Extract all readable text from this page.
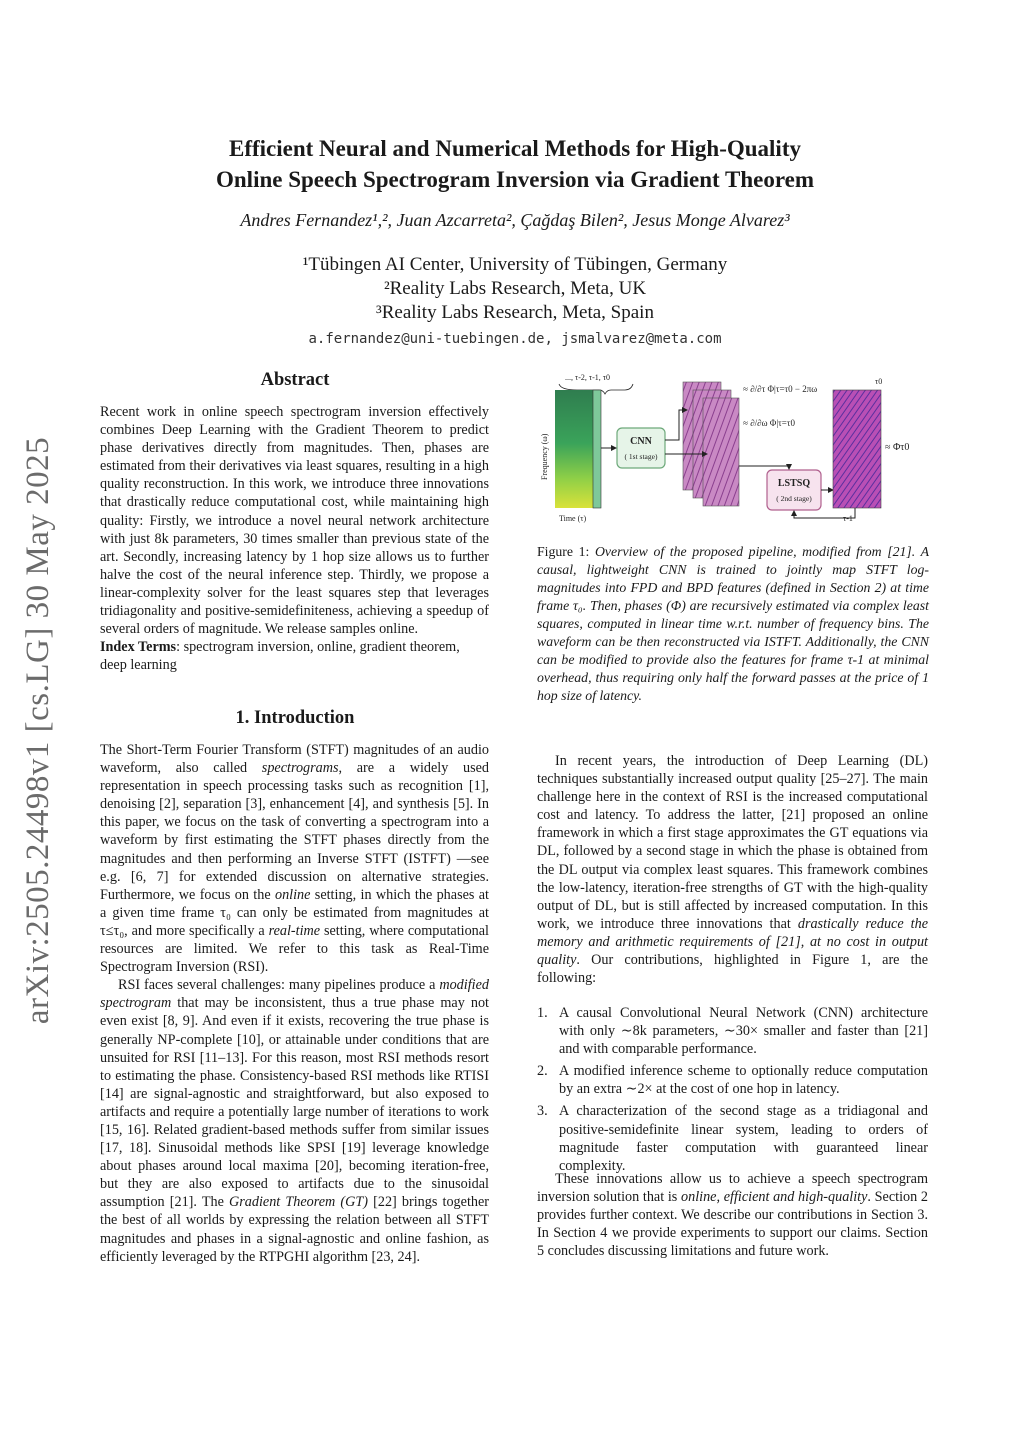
arXiv:2505.24498v1 [cs.LG] 30 May 2025
Efficient Neural and Numerical Methods for High-Quality
Online Speech Spectrogram Inversion via Gradient Theorem
Andres Fernandez¹,², Juan Azcarreta², Çağdaş Bilen², Jesus Monge Alvarez³
¹Tübingen AI Center, University of Tübingen, Germany
²Reality Labs Research, Meta, UK
³Reality Labs Research, Meta, Spain
a.fernandez@uni-tuebingen.de, jsmalvarez@meta.com
Abstract

Recent work in online speech spectrogram inversion effectively combines Deep Learning with the Gradient Theorem to predict phase derivatives directly from magnitudes. Then, phases are estimated from their derivatives via least squares, resulting in a high quality reconstruction. In this work, we introduce three innovations that drastically reduce computational cost, while maintaining high quality: Firstly, we introduce a novel neural network architecture with just 8k parameters, 30 times smaller than previous state of the art. Secondly, increasing latency by 1 hop size allows us to further halve the cost of the neural inference step. Thirdly, we propose a linear-complexity solver for the least squares step that leverages tridiagonality and positive-semidefiniteness, achieving a speedup of several orders of magnitude. We release samples online.

Index Terms: spectrogram inversion, online, gradient theorem, deep learning

1. Introduction

The Short-Term Fourier Transform (STFT) magnitudes of an audio waveform, also called spectrograms, are a widely used representation in speech processing tasks such as recognition [1], denoising [2], separation [3], enhancement [4], and synthesis [5]. In this paper, we focus on the task of converting a spectrogram into a waveform by first estimating the STFT phases directly from the magnitudes and then performing an Inverse STFT (ISTFT) —see e.g. [6, 7] for extended discussion on alternative strategies. Furthermore, we focus on the online setting, in which the phases at a given time frame τ₀ can only be estimated from magnitudes at τ≤τ₀, and more specifically a real-time setting, where computational resources are limited. We refer to this task as Real-Time Spectrogram Inversion (RSI).

RSI faces several challenges: many pipelines produce a modified spectrogram that may be inconsistent, thus a true phase may not even exist [8, 9]. And even if it exists, recovering the true phase is generally NP-complete [10], or attainable under conditions that are unsuited for RSI [11–13]. For this reason, most RSI methods resort to estimating the phase. Consistency-based RSI methods like RTISI [14] are signal-agnostic and straightforward, but also exposed to artifacts and require a potentially large number of iterations to work [15, 16]. Related gradient-based methods suffer from similar issues [17, 18]. Sinusoidal methods like SPSI [19] leverage knowledge about phases around local maxima [20], becoming iteration-free, but they are also exposed to artifacts due to the sinusoidal assumption [21]. The Gradient Theorem (GT) [22] brings together the best of all worlds by expressing the relation between all STFT magnitudes and phases in a signal-agnostic and online fashion, as efficiently leveraged by the RTPGHI algorithm [23, 24].

..., τ-2, τ-1, τ0
Frequency (ω)
Time (τ)
CNN
( 1st stage)
≈ ∂/∂τ Φ|τ=τ0 − 2πω
≈ ∂/∂ω Φ|τ=τ0
LSTSQ
( 2nd stage)
τ0
≈ Φτ0
τ-1
Figure 1: Overview of the proposed pipeline, modified from [21]. A causal, lightweight CNN is trained to jointly map STFT log-magnitudes into FPD and BPD features (defined in Section 2) at time frame τ₀. Then, phases (Φ) are recursively estimated via complex least squares, computed in linear time w.r.t. number of frequency bins. The waveform can be then reconstructed via ISTFT. Additionally, the CNN can be modified to provide also the features for frame τ-1 at minimal overhead, thus requiring only half the forward passes at the price of 1 hop size of latency.

In recent years, the introduction of Deep Learning (DL) techniques substantially increased output quality [25–27]. The main challenge here in the context of RSI is the increased computational cost and latency. To address the latter, [21] proposed an online framework in which a first stage approximates the GT equations via DL, followed by a second stage in which the phase is obtained from the DL output via complex least squares. This framework combines the low-latency, iteration-free strengths of GT with the high-quality output of DL, but is still affected by increased computation. In this work, we introduce three innovations that drastically reduce the memory and arithmetic requirements of [21], at no cost in output quality. Our contributions, highlighted in Figure 1, are the following:

1. A causal Convolutional Neural Network (CNN) architecture with only ∼8k parameters, ∼30× smaller and faster than [21] and with comparable performance.
2. A modified inference scheme to optionally reduce computation by an extra ∼2× at the cost of one hop in latency.
3. A characterization of the second stage as a tridiagonal and positive-semidefinite linear system, leading to orders of magnitude faster computation with guaranteed linear complexity.

These innovations allow us to achieve a speech spectrogram inversion solution that is online, efficient and high-quality. Section 2 provides further context. We describe our contributions in Section 3. In Section 4 we provide experiments to support our claims. Section 5 concludes discussing limitations and future work.
